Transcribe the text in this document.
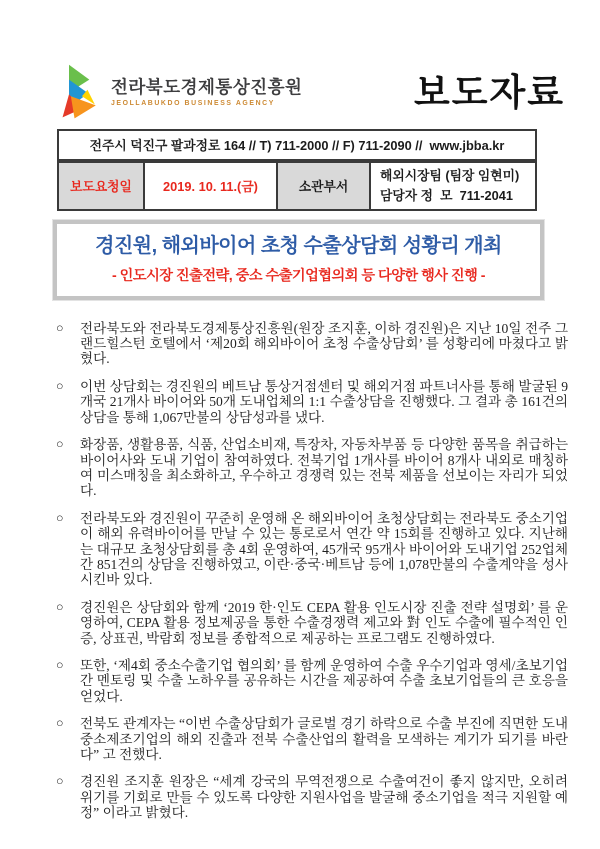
전라북도경제통상진흥원
JEOLLABUKDO BUSINESS AGENCY	보도자료
전주시 덕진구 팔과정로 164 // T) 711-2000 // F) 711-2090 //  www.jbba.kr
보도요청일	2019. 10. 11.(금)	소관부서	
해외시장팀 (팀장 임현미)
담당자 정  모  711-2041
경진원, 해외바이어 초청 수출상담회 성황리 개최
- 인도시장 진출전략, 중소 수출기업협의회 등 다양한 행사 진행 -
○ 전라북도와 전라북도경제통상진흥원(원장 조지훈, 이하 경진원)은 지난 10일 전주 그랜드힐스턴 호텔에서 ‘제20회 해외바이어 초청 수출상담회’ 를 성황리에 마쳤다고 밝혔다.
○ 이번 상담회는 경진원의 베트남 통상거점센터 및 해외거점 파트너사를 통해 발굴된 9개국 21개사 바이어와 50개 도내업체의 1:1 수출상담을 진행했다. 그 결과 총 161건의 상담을 통해 1,067만불의 상담성과를 냈다.
○ 화장품, 생활용품, 식품, 산업소비재, 특장차, 자동차부품 등 다양한 품목을 취급하는 바이어사와 도내 기업이 참여하였다. 전북기업 1개사를 바이어 8개사 내외로 매칭하여 미스매칭을 최소화하고, 우수하고 경쟁력 있는 전북 제품을 선보이는 자리가 되었다.
○ 전라북도와 경진원이 꾸준히 운영해 온 해외바이어 초청상담회는 전라북도 중소기업이 해외 유력바이어를 만날 수 있는 통로로서 연간 약 15회를 진행하고 있다. 지난해는 대규모 초청상담회를 총 4회 운영하여, 45개국 95개사 바이어와 도내기업 252업체 간 851건의 상담을 진행하였고, 이란·중국·베트남 등에 1,078만불의 수출계약을 성사시킨바 있다.
○ 경진원은 상담회와 함께 ‘2019 한·인도 CEPA 활용 인도시장 진출 전략 설명회’ 를 운영하여, CEPA 활용 정보제공을 통한 수출경쟁력 제고와 對 인도 수출에 필수적인 인증, 상표권, 박람회 정보를 종합적으로 제공하는 프로그램도 진행하였다.
○ 또한, ‘제4회 중소수출기업 협의회’ 를 함께 운영하여 수출 우수기업과 영세/초보기업 간 멘토링 및 수출 노하우를 공유하는 시간을 제공하여 수출 초보기업들의 큰 호응을 얻었다.
○ 전북도 관계자는 “이번 수출상담회가 글로벌 경기 하락으로 수출 부진에 직면한 도내 중소제조기업의 해외 진출과 전북 수출산업의 활력을 모색하는 계기가 되기를 바란다” 고 전했다.
○ 경진원 조지훈 원장은 “세계 강국의 무역전쟁으로 수출여건이 좋지 않지만, 오히려 위기를 기회로 만들 수 있도록 다양한 지원사업을 발굴해 중소기업을 적극 지원할 예정” 이라고 밝혔다.
